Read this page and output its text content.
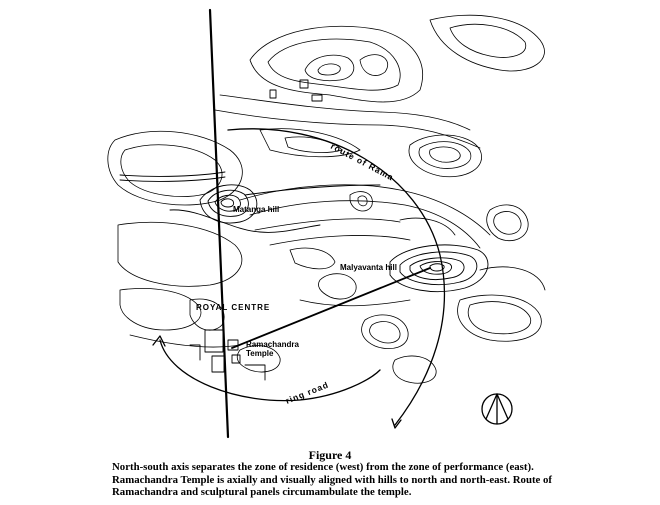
Matanga hill
Malyavanta hill
ROYAL CENTRE
Ramachandra
Temple
route of Rama
ring road
Figure 4
North-south axis separates the zone of residence (west) from the zone of performance (east). Ramachandra Temple is axially and visually aligned with hills to north and north-east. Route of Ramachandra and sculptural panels circumambulate the temple.
